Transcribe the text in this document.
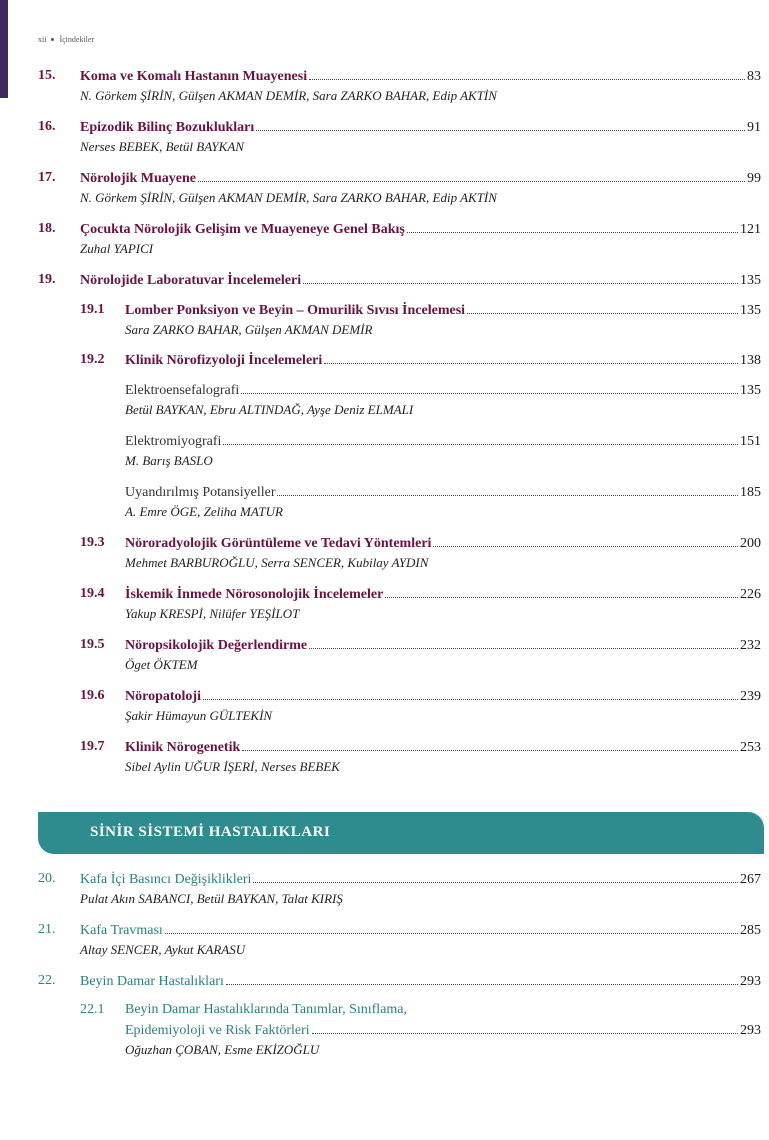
xii İçindekiler
15. Koma ve Komalı Hastanın Muayenesi	83
N. Görkem ŞİRİN, Gülşen AKMAN DEMİR, Sara ZARKO BAHAR, Edip AKTİN
16. Epizodik Bilinç Bozuklukları	91
Nerses BEBEK, Betül BAYKAN
17. Nörolojik Muayene	99
N. Görkem ŞİRİN, Gülşen AKMAN DEMİR, Sara ZARKO BAHAR, Edip AKTİN
18. Çocukta Nörolojik Gelişim ve Muayeneye Genel Bakış	121
Zuhal YAPICI
19. Nörolojide Laboratuvar İncelemeleri	135
19.1 Lomber Ponksiyon ve Beyin – Omurilik Sıvısı İncelemesi	135
Sara ZARKO BAHAR, Gülşen AKMAN DEMİR
19.2 Klinik Nörofizyoloji İncelemeleri	138
Elektroensefalografi	135
Betül BAYKAN, Ebru ALTINDAĞ, Ayşe Deniz ELMALI
Elektromiyografi	151
M. Barış BASLO
Uyandırılmış Potansiyeller	185
A. Emre ÖGE, Zeliha MATUR
19.3 Nöroradyolojik Görüntüleme ve Tedavi Yöntemleri	200
Mehmet BARBUROĞLU, Serra SENCER, Kubilay AYDIN
19.4 İskemik İnmede Nörosonolojik İncelemeler	226
Yakup KRESPİ, Nilüfer YEŞİLOT
19.5 Nöropsikolojik Değerlendirme	232
Öget ÖKTEM
19.6 Nöropatoloji	239
Şakir Hümayun GÜLTEKİN
19.7 Klinik Nörogenetik	253
Sibel Aylin UĞUR İŞERİ, Nerses BEBEK
SİNİR SİSTEMİ HASTALIKLARI
20. Kafa İçi Basıncı Değişiklikleri	267
Pulat Akın SABANCI, Betül BAYKAN, Talat KIRIŞ
21. Kafa Travması	285
Altay SENCER, Aykut KARASU
22. Beyin Damar Hastalıkları	293
22.1 Beyin Damar Hastalıklarında Tanımlar, Sınıflama,
Epidemiyoloji ve Risk Faktörleri	293
Oğuzhan ÇOBAN, Esme EKİZOĞLU
